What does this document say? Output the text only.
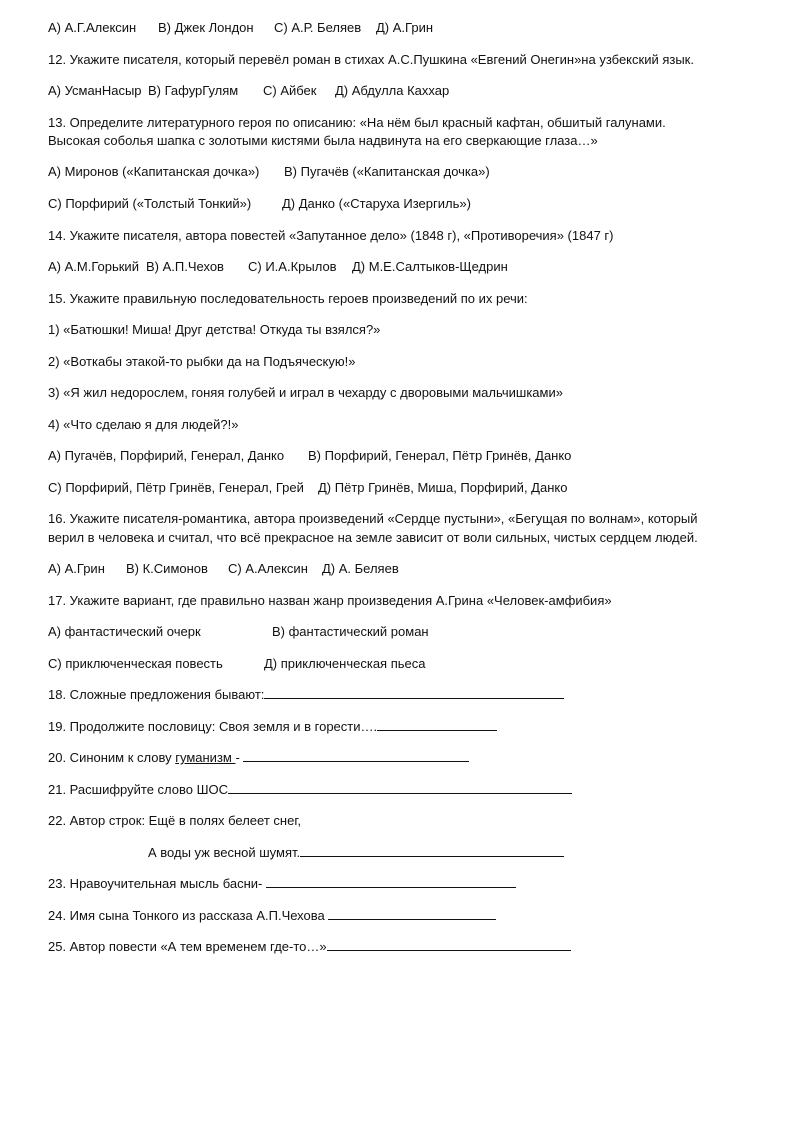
А) А.Г.Алексин В) Джек Лондон С) А.Р. Беляев Д) А.Грин
12. Укажите писателя, который перевёл роман в стихах А.С.Пушкина «Евгений Онегин»на узбекский язык.
А) УсманНасыр В) ГафурГулям С) Айбек Д) Абдулла Каххар
13. Определите литературного героя по описанию: «На нём был красный кафтан, обшитый галунами.
Высокая соболья шапка с золотыми кистями была надвинута на его сверкающие глаза…»
А) Миронов («Капитанская дочка») В) Пугачёв («Капитанская дочка»)
С) Порфирий («Толстый Тонкий») Д) Данко («Старуха Изергиль»)
14. Укажите писателя, автора повестей «Запутанное дело» (1848 г), «Противоречия» (1847 г)
А) А.М.Горький В) А.П.Чехов С) И.А.Крылов Д) М.Е.Салтыков-Щедрин
15. Укажите правильную последовательность героев произведений по их речи:
1) «Батюшки! Миша! Друг детства! Откуда ты взялся?»
2) «Воткабы этакой-то рыбки да на Подъяческую!»
3) «Я жил недорослем, гоняя голубей и играл в чехарду с дворовыми мальчишками»
4) «Что сделаю я для людей?!»
А) Пугачёв, Порфирий, Генерал, Данко В) Порфирий, Генерал, Пётр Гринёв, Данко
С) Порфирий, Пётр Гринёв, Генерал, Грей Д) Пётр Гринёв, Миша, Порфирий, Данко
16. Укажите писателя-романтика, автора произведений «Сердце пустыни», «Бегущая по волнам», который
верил в человека и считал, что всё прекрасное на земле зависит от воли сильных, чистых сердцем людей.
А) А.Грин В) К.Симонов С) А.Алексин Д) А. Беляев
17. Укажите вариант, где правильно назван жанр произведения А.Грина «Человек-амфибия»
А) фантастический очерк	В) фантастический роман
С) приключенческая повесть	Д) приключенческая пьеса
18. Сложные предложения бывают:
19. Продолжите пословицу: Своя земля и в горести….
20. Синоним к слову гуманизм -
21. Расшифруйте слово ШОС
22. Автор строк: Ещё в полях белеет снег,
А воды уж весной шумят.
23. Нравоучительная мысль басни-
24. Имя сына Тонкого из рассказа А.П.Чехова
25. Автор повести «А тем временем где-то…»
